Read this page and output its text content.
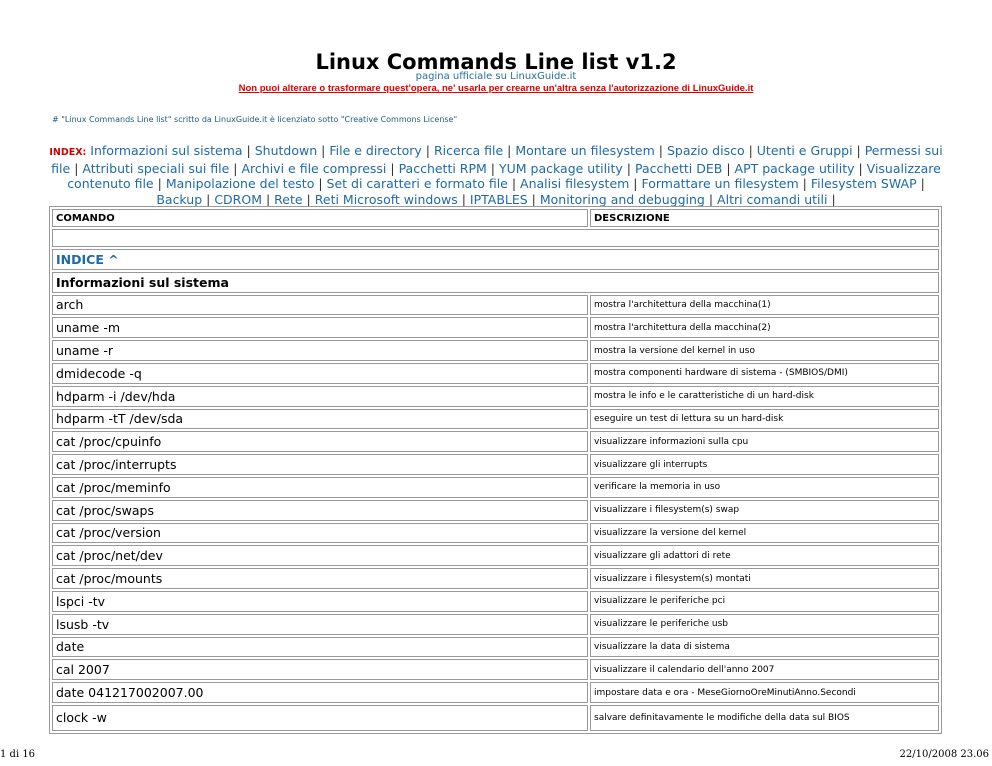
Linux Commands Line list v1.2
pagina ufficiale su LinuxGuide.it
Non puoi alterare o trasformare quest'opera, ne' usarla per crearne un'altra senza l'autorizzazione di LinuxGuide.it
# "Linux Commands Line list" scritto da LinuxGuide.it è licenziato sotto "Creative Commons License"
INDEX: Informazioni sul sistema | Shutdown | File e directory | Ricerca file | Montare un filesystem | Spazio disco | Utenti e Gruppi | Permessi sui file | Attributi speciali sui file | Archivi e file compressi | Pacchetti RPM | YUM package utility | Pacchetti DEB | APT package utility | Visualizzare contenuto file | Manipolazione del testo | Set di caratteri e formato file | Analisi filesystem | Formattare un filesystem | Filesystem SWAP | Backup | CDROM | Rete | Reti Microsoft windows | IPTABLES | Monitoring and debugging | Altri comandi utili |
COMANDO	DESCRIZIONE

INDICE ^	
Informazioni sul sistema	
arch	mostra l'architettura della macchina(1)
uname -m	mostra l'architettura della macchina(2)
uname -r	mostra la versione del kernel in uso
dmidecode -q	mostra componenti hardware di sistema - (SMBIOS/DMI)
hdparm -i /dev/hda	mostra le info e le caratteristiche di un hard-disk
hdparm -tT /dev/sda	eseguire un test di lettura su un hard-disk
cat /proc/cpuinfo	visualizzare informazioni sulla cpu
cat /proc/interrupts	visualizzare gli interrupts
cat /proc/meminfo	verificare la memoria in uso
cat /proc/swaps	visualizzare i filesystem(s) swap
cat /proc/version	visualizzare la versione del kernel
cat /proc/net/dev	visualizzare gli adattori di rete
cat /proc/mounts	visualizzare i filesystem(s) montati
lspci -tv	visualizzare le periferiche pci
lsusb -tv	visualizzare le periferiche usb
date	visualizzare la data di sistema
cal 2007	visualizzare il calendario dell'anno 2007
date 041217002007.00	impostare data e ora - MeseGiornoOreMinutiAnno.Secondi
clock -w	salvare definitavamente le modifiche della data sul BIOS
1 di 16	22/10/2008 23.06
